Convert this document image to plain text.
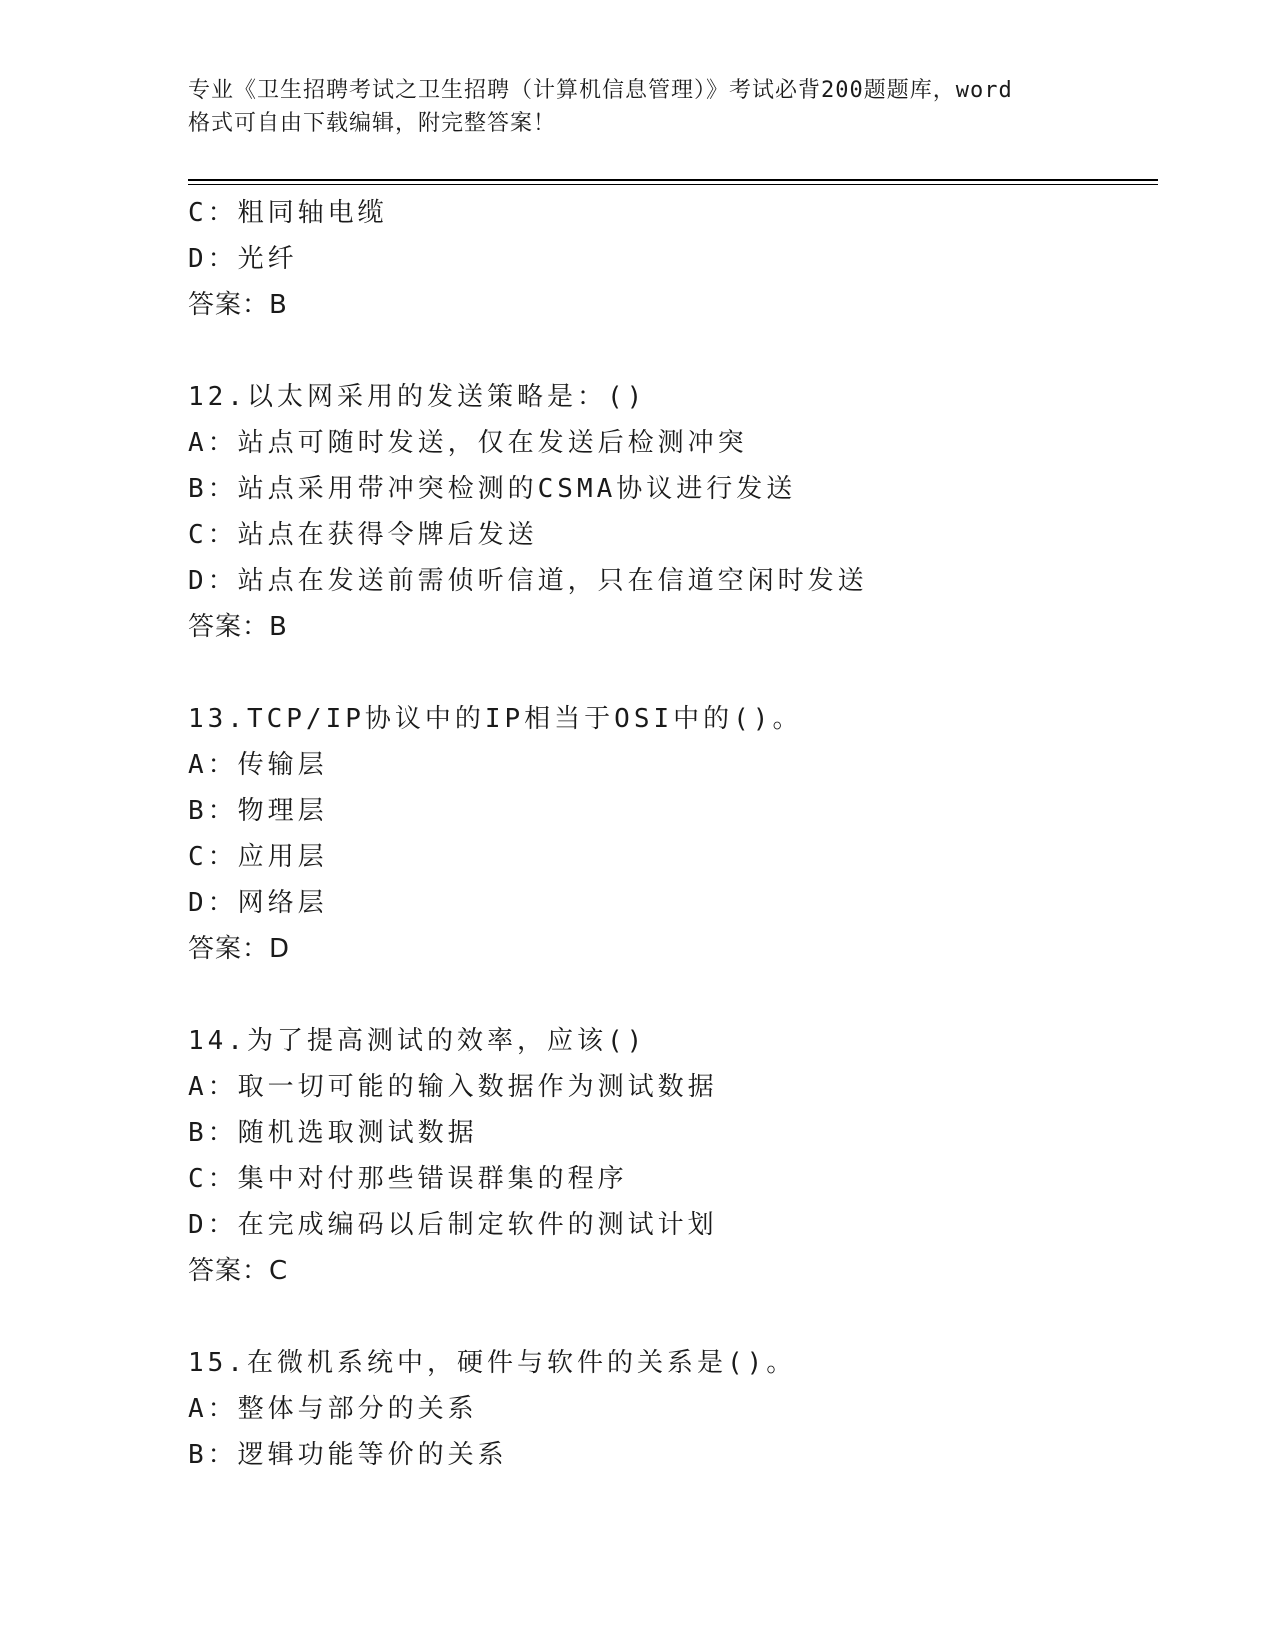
专业《卫生招聘考试之卫生招聘（计算机信息管理）》考试必背200题题库，word
格式可自由下载编辑，附完整答案！
C：粗同轴电缆
D：光纤
答案：B
12.以太网采用的发送策略是：()
A：站点可随时发送，仅在发送后检测冲突
B：站点采用带冲突检测的CSMA协议进行发送
C：站点在获得令牌后发送
D：站点在发送前需侦听信道，只在信道空闲时发送
答案：B
13.TCP/IP协议中的IP相当于OSI中的()。
A：传输层
B：物理层
C：应用层
D：网络层
答案：D
14.为了提高测试的效率，应该()
A：取一切可能的输入数据作为测试数据
B：随机选取测试数据
C：集中对付那些错误群集的程序
D：在完成编码以后制定软件的测试计划
答案：C
15.在微机系统中，硬件与软件的关系是()。
A：整体与部分的关系
B：逻辑功能等价的关系
